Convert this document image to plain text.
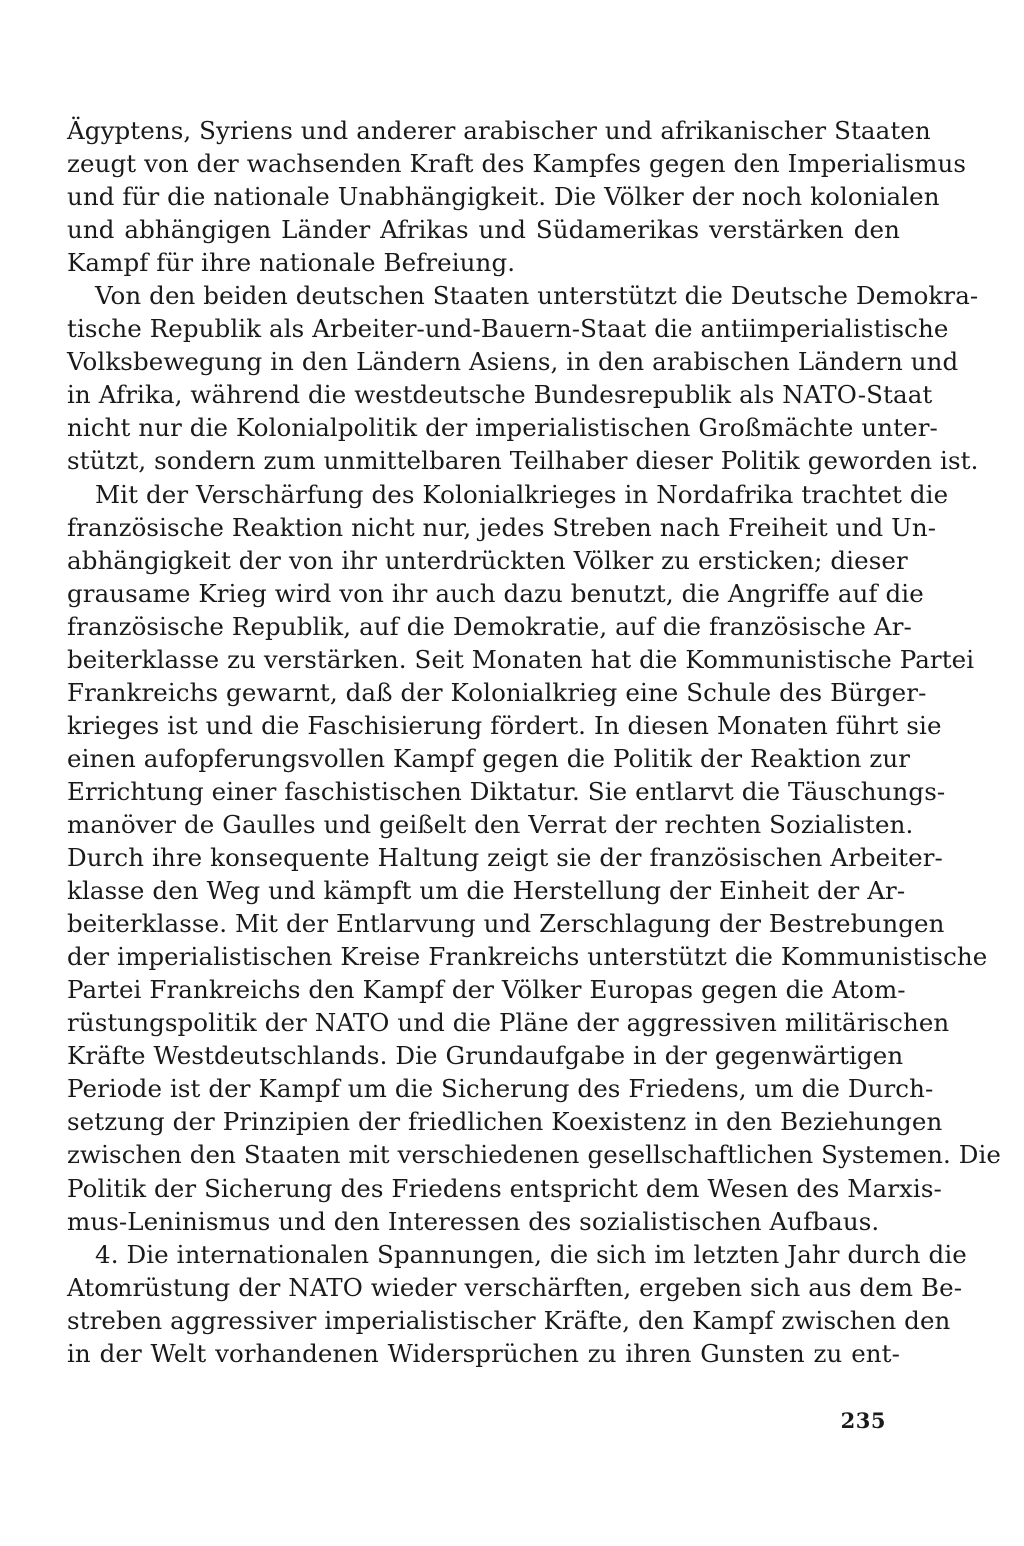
Ägyptens, Syriens und anderer arabischer und afrikanischer Staaten
zeugt von der wachsenden Kraft des Kampfes gegen den Imperialismus
und für die nationale Unabhängigkeit. Die Völker der noch kolonialen
und abhängigen Länder Afrikas und Südamerikas verstärken den
Kampf für ihre nationale Befreiung.
Von den beiden deutschen Staaten unterstützt die Deutsche Demokra-
tische Republik als Arbeiter-und-Bauern-Staat die antiimperialistische
Volksbewegung in den Ländern Asiens, in den arabischen Ländern und
in Afrika, während die westdeutsche Bundesrepublik als NATO-Staat
nicht nur die Kolonialpolitik der imperialistischen Großmächte unter-
stützt, sondern zum unmittelbaren Teilhaber dieser Politik geworden ist.
Mit der Verschärfung des Kolonialkrieges in Nordafrika trachtet die
französische Reaktion nicht nur, jedes Streben nach Freiheit und Un-
abhängigkeit der von ihr unterdrückten Völker zu ersticken; dieser
grausame Krieg wird von ihr auch dazu benutzt, die Angriffe auf die
französische Republik, auf die Demokratie, auf die französische Ar-
beiterklasse zu verstärken. Seit Monaten hat die Kommunistische Partei
Frankreichs gewarnt, daß der Kolonialkrieg eine Schule des Bürger-
krieges ist und die Faschisierung fördert. In diesen Monaten führt sie
einen aufopferungsvollen Kampf gegen die Politik der Reaktion zur
Errichtung einer faschistischen Diktatur. Sie entlarvt die Täuschungs-
manöver de Gaulles und geißelt den Verrat der rechten Sozialisten.
Durch ihre konsequente Haltung zeigt sie der französischen Arbeiter-
klasse den Weg und kämpft um die Herstellung der Einheit der Ar-
beiterklasse. Mit der Entlarvung und Zerschlagung der Bestrebungen
der imperialistischen Kreise Frankreichs unterstützt die Kommunistische
Partei Frankreichs den Kampf der Völker Europas gegen die Atom-
rüstungspolitik der NATO und die Pläne der aggressiven militärischen
Kräfte Westdeutschlands. Die Grundaufgabe in der gegenwärtigen
Periode ist der Kampf um die Sicherung des Friedens, um die Durch-
setzung der Prinzipien der friedlichen Koexistenz in den Beziehungen
zwischen den Staaten mit verschiedenen gesellschaftlichen Systemen. Die
Politik der Sicherung des Friedens entspricht dem Wesen des Marxis-
mus-Leninismus und den Interessen des sozialistischen Aufbaus.
4. Die internationalen Spannungen, die sich im letzten Jahr durch die
Atomrüstung der NATO wieder verschärften, ergeben sich aus dem Be-
streben aggressiver imperialistischer Kräfte, den Kampf zwischen den
in der Welt vorhandenen Widersprüchen zu ihren Gunsten zu ent-
235
